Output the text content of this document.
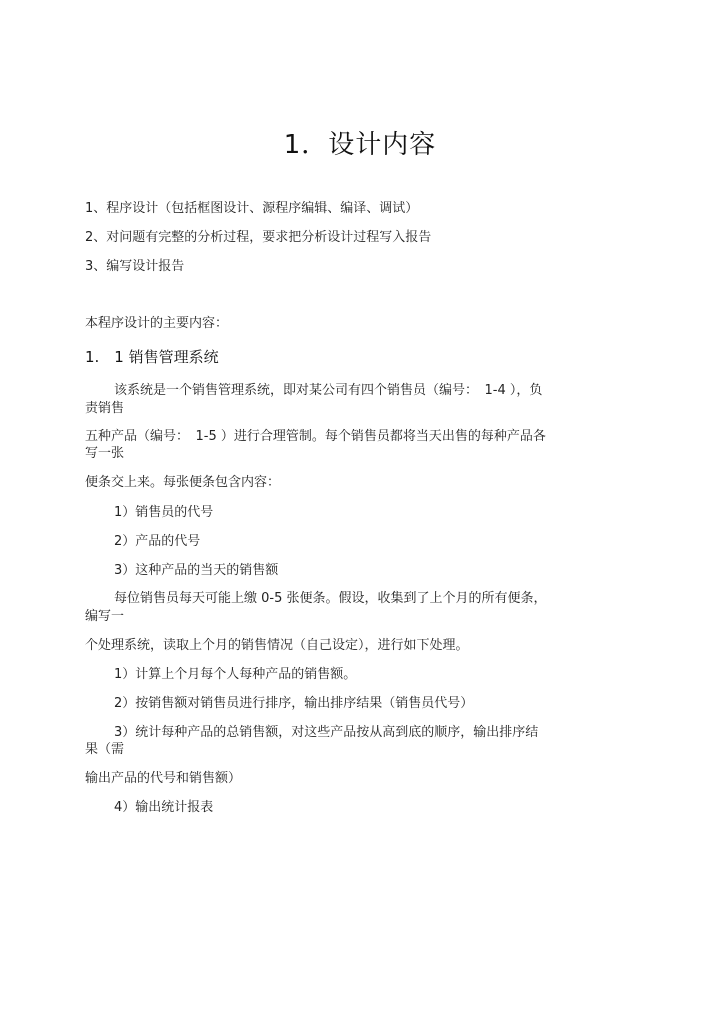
1．设计内容
1、程序设计（包括框图设计、源程序编辑、编译、调试）
2、对问题有完整的分析过程，要求把分析设计过程写入报告
3、编写设计报告
本程序设计的主要内容：
1.　1 销售管理系统
该系统是一个销售管理系统，即对某公司有四个销售员（编号：　1-4 ），负
责销售
五种产品（编号：　1-5 ）进行合理管制。每个销售员都将当天出售的每种产品各
写一张
便条交上来。每张便条包含内容：
1）销售员的代号
2）产品的代号
3）这种产品的当天的销售额
每位销售员每天可能上缴 0-5 张便条。假设，收集到了上个月的所有便条，
编写一
个处理系统，读取上个月的销售情况（自己设定），进行如下处理。
1）计算上个月每个人每种产品的销售额。
2）按销售额对销售员进行排序，输出排序结果（销售员代号）
3）统计每种产品的总销售额，对这些产品按从高到底的顺序，输出排序结
果（需
输出产品的代号和销售额）
4）输出统计报表
